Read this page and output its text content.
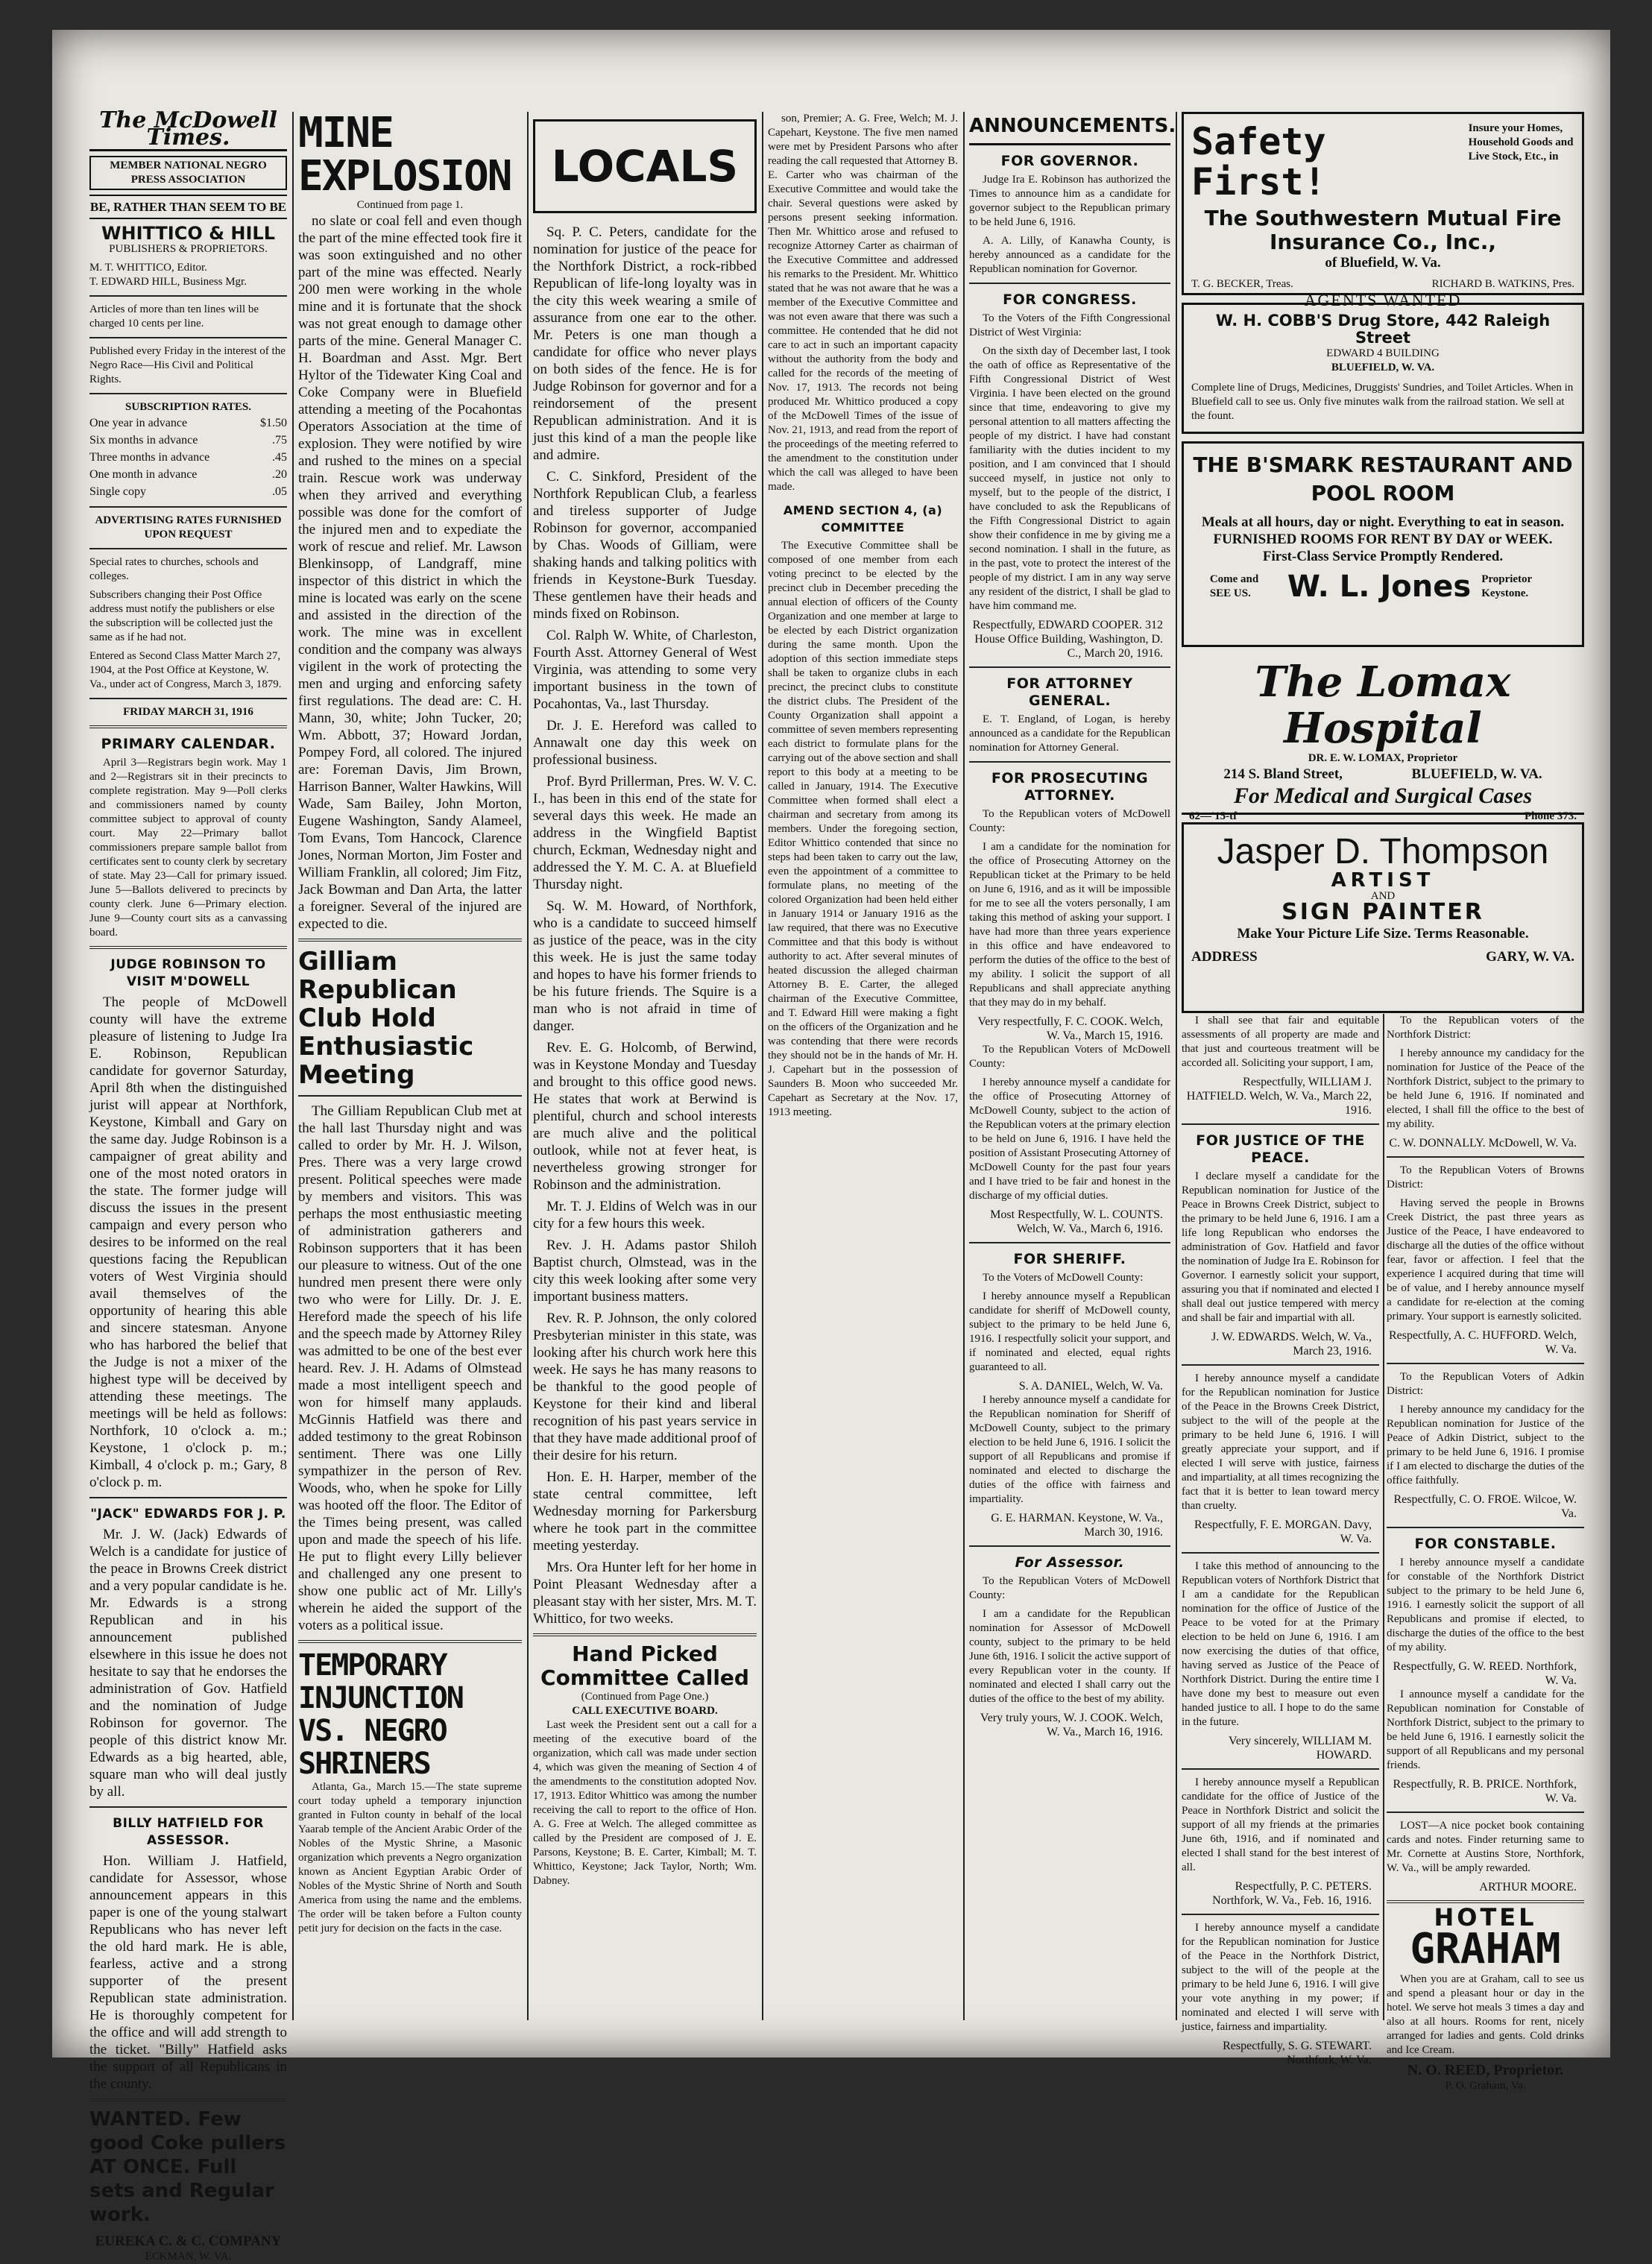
The McDowell Times.
MEMBER NATIONAL NEGRO PRESS ASSOCIATION
BE, RATHER THAN SEEM TO BE
WHITTICO & HILL
PUBLISHERS & PROPRIETORS.
M. T. WHITTICO, Editor.
T. EDWARD HILL, Business Mgr.
Articles of more than ten lines will be charged 10 cents per line.
Published every Friday in the interest of the Negro Race—His Civil and Political Rights.
SUBSCRIPTION RATES.
One year in advance	$1.50
Six months in advance	.75
Three months in advance	.45
One month in advance	.20
Single copy	.05
ADVERTISING RATES FURNISHED UPON REQUEST
Special rates to churches, schools and colleges.
Subscribers changing their Post Office address must notify the publishers or else the subscription will be collected just the same as if he had not.
Entered as Second Class Matter March 27, 1904, at the Post Office at Keystone, W. Va., under act of Congress, March 3, 1879.
FRIDAY MARCH 31, 1916
PRIMARY CALENDAR.

April 3—Registrars begin work. May 1 and 2—Registrars sit in their precincts to complete registration. May 9—Poll clerks and commissioners named by county committee subject to approval of county court. May 22—Primary ballot commissioners prepare sample ballot from certificates sent to county clerk by secretary of state. May 23—Call for primary issued. June 5—Ballots delivered to precincts by county clerk. June 6—Primary election. June 9—County court sits as a canvassing board.

JUDGE ROBINSON TO VISIT M'DOWELL

The people of McDowell county will have the extreme pleasure of listening to Judge Ira E. Robinson, Republican candidate for governor Saturday, April 8th when the distinguished jurist will appear at Northfork, Keystone, Kimball and Gary on the same day. Judge Robinson is a campaigner of great ability and one of the most noted orators in the state. The former judge will discuss the issues in the present campaign and every person who desires to be informed on the real questions facing the Republican voters of West Virginia should avail themselves of the opportunity of hearing this able and sincere statesman. Anyone who has harbored the belief that the Judge is not a mixer of the highest type will be deceived by attending these meetings. The meetings will be held as follows: Northfork, 10 o'clock a. m.; Keystone, 1 o'clock p. m.; Kimball, 4 o'clock p. m.; Gary, 8 o'clock p. m.

"JACK" EDWARDS FOR J. P.

Mr. J. W. (Jack) Edwards of Welch is a candidate for justice of the peace in Browns Creek district and a very popular candidate is he. Mr. Edwards is a strong Republican and in his announcement published elsewhere in this issue he does not hesitate to say that he endorses the administration of Gov. Hatfield and the nomination of Judge Robinson for governor. The people of this district know Mr. Edwards as a big hearted, able, square man who will deal justly by all.

BILLY HATFIELD FOR ASSESSOR.

Hon. William J. Hatfield, candidate for Assessor, whose announcement appears in this paper is one of the young stalwart Republicans who has never left the old hard mark. He is able, fearless, active and a strong supporter of the present Republican state administration. He is thoroughly competent for the office and will add strength to the ticket. "Billy" Hatfield asks the support of all Republicans in the county.

WANTED. Few good Coke pullers AT ONCE. Full sets and Regular work.
EUREKA C. & C. COMPANY
ECKMAN, W. VA.
MINE EXPLOSION
Continued from page 1.

no slate or coal fell and even though the part of the mine effected took fire it was soon extinguished and no other part of the mine was effected. Nearly 200 men were working in the whole mine and it is fortunate that the shock was not great enough to damage other parts of the mine. General Manager C. H. Boardman and Asst. Mgr. Bert Hyltor of the Tidewater King Coal and Coke Company were in Bluefield attending a meeting of the Pocahontas Operators Association at the time of explosion. They were notified by wire and rushed to the mines on a special train. Rescue work was underway when they arrived and everything possible was done for the comfort of the injured men and to expediate the work of rescue and relief. Mr. Lawson Blenkinsopp, of Landgraff, mine inspector of this district in which the mine is located was early on the scene and assisted in the direction of the work. The mine was in excellent condition and the company was always vigilent in the work of protecting the men and urging and enforcing safety first regulations. The dead are: C. H. Mann, 30, white; John Tucker, 20; Wm. Abbott, 37; Howard Jordan, Pompey Ford, all colored. The injured are: Foreman Davis, Jim Brown, Harrison Banner, Walter Hawkins, Will Wade, Sam Bailey, John Morton, Eugene Washington, Sandy Alameel, Tom Evans, Tom Hancock, Clarence Jones, Norman Morton, Jim Foster and William Franklin, all colored; Jim Fitz, Jack Bowman and Dan Arta, the latter a foreigner. Several of the injured are expected to die.

Gilliam Republican Club Hold Enthusiastic Meeting

The Gilliam Republican Club met at the hall last Thursday night and was called to order by Mr. H. J. Wilson, Pres. There was a very large crowd present. Political speeches were made by members and visitors. This was perhaps the most enthusiastic meeting of administration gatherers and Robinson supporters that it has been our pleasure to witness. Out of the one hundred men present there were only two who were for Lilly. Dr. J. E. Hereford made the speech of his life and the speech made by Attorney Riley was admitted to be one of the best ever heard. Rev. J. H. Adams of Olmstead made a most intelligent speech and won for himself many applauds. McGinnis Hatfield was there and added testimony to the great Robinson sentiment. There was one Lilly sympathizer in the person of Rev. Woods, who, when he spoke for Lilly was hooted off the floor. The Editor of the Times being present, was called upon and made the speech of his life. He put to flight every Lilly believer and challenged any one present to show one public act of Mr. Lilly's wherein he aided the support of the voters as a political issue.

TEMPORARY INJUNCTION VS. NEGRO SHRINERS

Atlanta, Ga., March 15.—The state supreme court today upheld a temporary injunction granted in Fulton county in behalf of the local Yaarab temple of the Ancient Arabic Order of the Nobles of the Mystic Shrine, a Masonic organization which prevents a Negro organization known as Ancient Egyptian Arabic Order of Nobles of the Mystic Shrine of North and South America from using the name and the emblems. The order will be taken before a Fulton county petit jury for decision on the facts in the case.

LOCALS

Sq. P. C. Peters, candidate for the nomination for justice of the peace for the Northfork District, a rock-ribbed Republican of life-long loyalty was in the city this week wearing a smile of assurance from one ear to the other. Mr. Peters is one man though a candidate for office who never plays on both sides of the fence. He is for Judge Robinson for governor and for a reindorsement of the present Republican administration. And it is just this kind of a man the people like and admire.

C. C. Sinkford, President of the Northfork Republican Club, a fearless and tireless supporter of Judge Robinson for governor, accompanied by Chas. Woods of Gilliam, were shaking hands and talking politics with friends in Keystone-Burk Tuesday. These gentlemen have their heads and minds fixed on Robinson.

Col. Ralph W. White, of Charleston, Fourth Asst. Attorney General of West Virginia, was attending to some very important business in the town of Pocahontas, Va., last Thursday.

Dr. J. E. Hereford was called to Annawalt one day this week on professional business.

Prof. Byrd Prillerman, Pres. W. V. C. I., has been in this end of the state for several days this week. He made an address in the Wingfield Baptist church, Eckman, Wednesday night and addressed the Y. M. C. A. at Bluefield Thursday night.

Sq. W. M. Howard, of Northfork, who is a candidate to succeed himself as justice of the peace, was in the city this week. He is just the same today and hopes to have his former friends to be his future friends. The Squire is a man who is not afraid in time of danger.

Rev. E. G. Holcomb, of Berwind, was in Keystone Monday and Tuesday and brought to this office good news. He states that work at Berwind is plentiful, church and school interests are much alive and the political outlook, while not at fever heat, is nevertheless growing stronger for Robinson and the administration.

Mr. T. J. Eldins of Welch was in our city for a few hours this week.

Rev. J. H. Adams pastor Shiloh Baptist church, Olmstead, was in the city this week looking after some very important business matters.

Rev. R. P. Johnson, the only colored Presbyterian minister in this state, was looking after his church work here this week. He says he has many reasons to be thankful to the good people of Keystone for their kind and liberal recognition of his past years service in that they have made additional proof of their desire for his return.

Hon. E. H. Harper, member of the state central committee, left Wednesday morning for Parkersburg where he took part in the committee meeting yesterday.

Mrs. Ora Hunter left for her home in Point Pleasant Wednesday after a pleasant stay with her sister, Mrs. M. T. Whittico, for two weeks.

Hand Picked Committee Called
(Continued from Page One.)
CALL EXECUTIVE BOARD.

Last week the President sent out a call for a meeting of the executive board of the organization, which call was made under section 4, which was given the meaning of Section 4 of the amendments to the constitution adopted Nov. 17, 1913. Editor Whittico was among the number receiving the call to report to the office of Hon. A. G. Free at Welch. The alleged committee as called by the President are composed of J. E. Parsons, Keystone; B. E. Carter, Kimball; M. T. Whittico, Keystone; Jack Taylor, North; Wm. Dabney.

son, Premier; A. G. Free, Welch; M. J. Capehart, Keystone. The five men named were met by President Parsons who after reading the call requested that Attorney B. E. Carter who was chairman of the Executive Committee and would take the chair. Several questions were asked by persons present seeking information. Then Mr. Whittico arose and refused to recognize Attorney Carter as chairman of the Executive Committee and addressed his remarks to the President. Mr. Whittico stated that he was not aware that he was a member of the Executive Committee and was not even aware that there was such a committee. He contended that he did not care to act in such an important capacity without the authority from the body and called for the records of the meeting of Nov. 17, 1913. The records not being produced Mr. Whittico produced a copy of the McDowell Times of the issue of Nov. 21, 1913, and read from the report of the proceedings of the meeting referred to the amendment to the constitution under which the call was alleged to have been made.

AMEND SECTION 4, (a) COMMITTEE

The Executive Committee shall be composed of one member from each voting precinct to be elected by the precinct club in December preceding the annual election of officers of the County Organization and one member at large to be elected by each District organization during the same month. Upon the adoption of this section immediate steps shall be taken to organize clubs in each precinct, the precinct clubs to constitute the district clubs. The President of the County Organization shall appoint a committee of seven members representing each district to formulate plans for the carrying out of the above section and shall report to this body at a meeting to be called in January, 1914. The Executive Committee when formed shall elect a chairman and secretary from among its members. Under the foregoing section, Editor Whittico contended that since no steps had been taken to carry out the law, even the appointment of a committee to formulate plans, no meeting of the colored Organization had been held either in January 1914 or January 1916 as the law required, that there was no Executive Committee and that this body is without authority to act. After several minutes of heated discussion the alleged chairman Attorney B. E. Carter, the alleged chairman of the Executive Committee, and T. Edward Hill were making a fight on the officers of the Organization and he was contending that there were records they should not be in the hands of Mr. H. J. Capehart but in the possession of Saunders B. Moon who succeeded Mr. Capehart as Secretary at the Nov. 17, 1913 meeting.

ANNOUNCEMENTS.
FOR GOVERNOR.

Judge Ira E. Robinson has authorized the Times to announce him as a candidate for governor subject to the Republican primary to be held June 6, 1916.

A. A. Lilly, of Kanawha County, is hereby announced as a candidate for the Republican nomination for Governor.

FOR CONGRESS.

To the Voters of the Fifth Congressional District of West Virginia:

On the sixth day of December last, I took the oath of office as Representative of the Fifth Congressional District of West Virginia. I have been elected on the ground since that time, endeavoring to give my personal attention to all matters affecting the people of my district. I have had constant familiarity with the duties incident to my position, and I am convinced that I should succeed myself, in justice not only to myself, but to the people of the district, I have concluded to ask the Republicans of the Fifth Congressional District to again show their confidence in me by giving me a second nomination. I shall in the future, as in the past, vote to protect the interest of the people of my district. I am in any way serve any resident of the district, I shall be glad to have him command me.

Respectfully, EDWARD COOPER. 312 House Office Building, Washington, D. C., March 20, 1916.
FOR ATTORNEY GENERAL.

E. T. England, of Logan, is hereby announced as a candidate for the Republican nomination for Attorney General.

FOR PROSECUTING ATTORNEY.

To the Republican voters of McDowell County:

I am a candidate for the nomination for the office of Prosecuting Attorney on the Republican ticket at the Primary to be held on June 6, 1916, and as it will be impossible for me to see all the voters personally, I am taking this method of asking your support. I have had more than three years experience in this office and have endeavored to perform the duties of the office to the best of my ability. I solicit the support of all Republicans and shall appreciate anything that they may do in my behalf.

Very respectfully, F. C. COOK. Welch, W. Va., March 15, 1916.

To the Republican Voters of McDowell County:

I hereby announce myself a candidate for the office of Prosecuting Attorney of McDowell County, subject to the action of the Republican voters at the primary election to be held on June 6, 1916. I have held the position of Assistant Prosecuting Attorney of McDowell County for the past four years and I have tried to be fair and honest in the discharge of my official duties.

Most Respectfully, W. L. COUNTS. Welch, W. Va., March 6, 1916.
FOR SHERIFF.

To the Voters of McDowell County:

I hereby announce myself a Republican candidate for sheriff of McDowell county, subject to the primary to be held June 6, 1916. I respectfully solicit your support, and if nominated and elected, equal rights guaranteed to all.

S. A. DANIEL, Welch, W. Va.

I hereby announce myself a candidate for the Republican nomination for Sheriff of McDowell County, subject to the primary election to be held June 6, 1916. I solicit the support of all Republicans and promise if nominated and elected to discharge the duties of the office with fairness and impartiality.

G. E. HARMAN. Keystone, W. Va., March 30, 1916.
For Assessor.

To the Republican Voters of McDowell County:

I am a candidate for the Republican nomination for Assessor of McDowell county, subject to the primary to be held June 6th, 1916. I solicit the active support of every Republican voter in the county. If nominated and elected I shall carry out the duties of the office to the best of my ability.

Very truly yours, W. J. COOK. Welch, W. Va., March 16, 1916.
Safety First!
Insure your Homes, Household Goods and Live Stock, Etc., in
The Southwestern Mutual Fire Insurance Co., Inc.,
of Bluefield, W. Va.
T. G. BECKER, Treas.	RICHARD B. WATKINS, Pres.
AGENTS WANTED
W. H. COBB'S Drug Store, 442 Raleigh Street
EDWARD 4 BUILDING
BLUEFIELD, W. VA.
Complete line of Drugs, Medicines, Druggists' Sundries, and Toilet Articles. When in Bluefield call to see us. Only five minutes walk from the railroad station. We sell at the fount.
THE B'SMARK RESTAURANT AND POOL ROOM
Meals at all hours, day or night. Everything to eat in season.
FURNISHED ROOMS FOR RENT BY DAY or WEEK.
First-Class Service Promptly Rendered.
Come and SEE US.	W. L. Jones Proprietor Keystone.
The Lomax Hospital
DR. E. W. LOMAX, Proprietor
214 S. Bland Street,	BLUEFIELD, W. VA.
For Medical and Surgical Cases
62—'15-tf	Phone 373.
Jasper D. Thompson
ARTIST
AND
SIGN PAINTER
Make Your Picture Life Size. Terms Reasonable.
ADDRESS	GARY, W. VA.

I shall see that fair and equitable assessments of all property are made and that just and courteous treatment will be accorded all. Soliciting your support, I am,

Respectfully, WILLIAM J. HATFIELD. Welch, W. Va., March 22, 1916.
FOR JUSTICE OF THE PEACE.

I declare myself a candidate for the Republican nomination for Justice of the Peace in Browns Creek District, subject to the primary to be held June 6, 1916. I am a life long Republican who endorses the administration of Gov. Hatfield and favor the nomination of Judge Ira E. Robinson for Governor. I earnestly solicit your support, assuring you that if nominated and elected I shall deal out justice tempered with mercy and shall be fair and impartial with all.

J. W. EDWARDS. Welch, W. Va., March 23, 1916.

I hereby announce myself a candidate for the Republican nomination for Justice of the Peace in the Browns Creek District, subject to the will of the people at the primary to be held June 6, 1916. I will greatly appreciate your support, and if elected I will serve with justice, fairness and impartiality, at all times recognizing the fact that it is better to lean toward mercy than cruelty.

Respectfully, F. E. MORGAN. Davy, W. Va.

I take this method of announcing to the Republican voters of Northfork District that I am a candidate for the Republican nomination for the office of Justice of the Peace to be voted for at the Primary election to be held on June 6, 1916. I am now exercising the duties of that office, having served as Justice of the Peace of Northfork District. During the entire time I have done my best to measure out even handed justice to all. I hope to do the same in the future.

Very sincerely, WILLIAM M. HOWARD.

I hereby announce myself a Republican candidate for the office of Justice of the Peace in Northfork District and solicit the support of all my friends at the primaries June 6th, 1916, and if nominated and elected I shall stand for the best interest of all.

Respectfully, P. C. PETERS. Northfork, W. Va., Feb. 16, 1916.

I hereby announce myself a candidate for the Republican nomination for Justice of the Peace in the Northfork District, subject to the will of the people at the primary to be held June 6, 1916. I will give your vote anything in my power; if nominated and elected I will serve with justice, fairness and impartiality.

Respectfully, S. G. STEWART. Northfork, W. Va.

To the Republican voters of the Northfork District:

I hereby announce my candidacy for the nomination for Justice of the Peace of the Northfork District, subject to the primary to be held June 6, 1916. If nominated and elected, I shall fill the office to the best of my ability.

C. W. DONNALLY. McDowell, W. Va.

To the Republican Voters of Browns District:

Having served the people in Browns Creek District, the past three years as Justice of the Peace, I have endeavored to discharge all the duties of the office without fear, favor or affection. I feel that the experience I acquired during that time will be of value, and I hereby announce myself a candidate for re-election at the coming primary. Your support is earnestly solicited.

Respectfully, A. C. HUFFORD. Welch, W. Va.

To the Republican Voters of Adkin District:

I hereby announce my candidacy for the Republican nomination for Justice of the Peace of Adkin District, subject to the primary to be held June 6, 1916. I promise if I am elected to discharge the duties of the office faithfully.

Respectfully, C. O. FROE. Wilcoe, W. Va.
FOR CONSTABLE.

I hereby announce myself a candidate for constable of the Northfork District subject to the primary to be held June 6, 1916. I earnestly solicit the support of all Republicans and promise if elected, to discharge the duties of the office to the best of my ability.

Respectfully, G. W. REED. Northfork, W. Va.

I announce myself a candidate for the Republican nomination for Constable of Northfork District, subject to the primary to be held June 6, 1916. I earnestly solicit the support of all Republicans and my personal friends.

Respectfully, R. B. PRICE. Northfork, W. Va.

LOST—A nice pocket book containing cards and notes. Finder returning same to Mr. Cornette at Austins Store, Northfork, W. Va., will be amply rewarded.

ARTHUR MOORE.
HOTEL
GRAHAM

When you are at Graham, call to see us and spend a pleasant hour or day in the hotel. We serve hot meals 3 times a day and also at all hours. Rooms for rent, nicely arranged for ladies and gents. Cold drinks and Ice Cream.

N. O. REED, Proprietor.
P. O. Graham, Va.
